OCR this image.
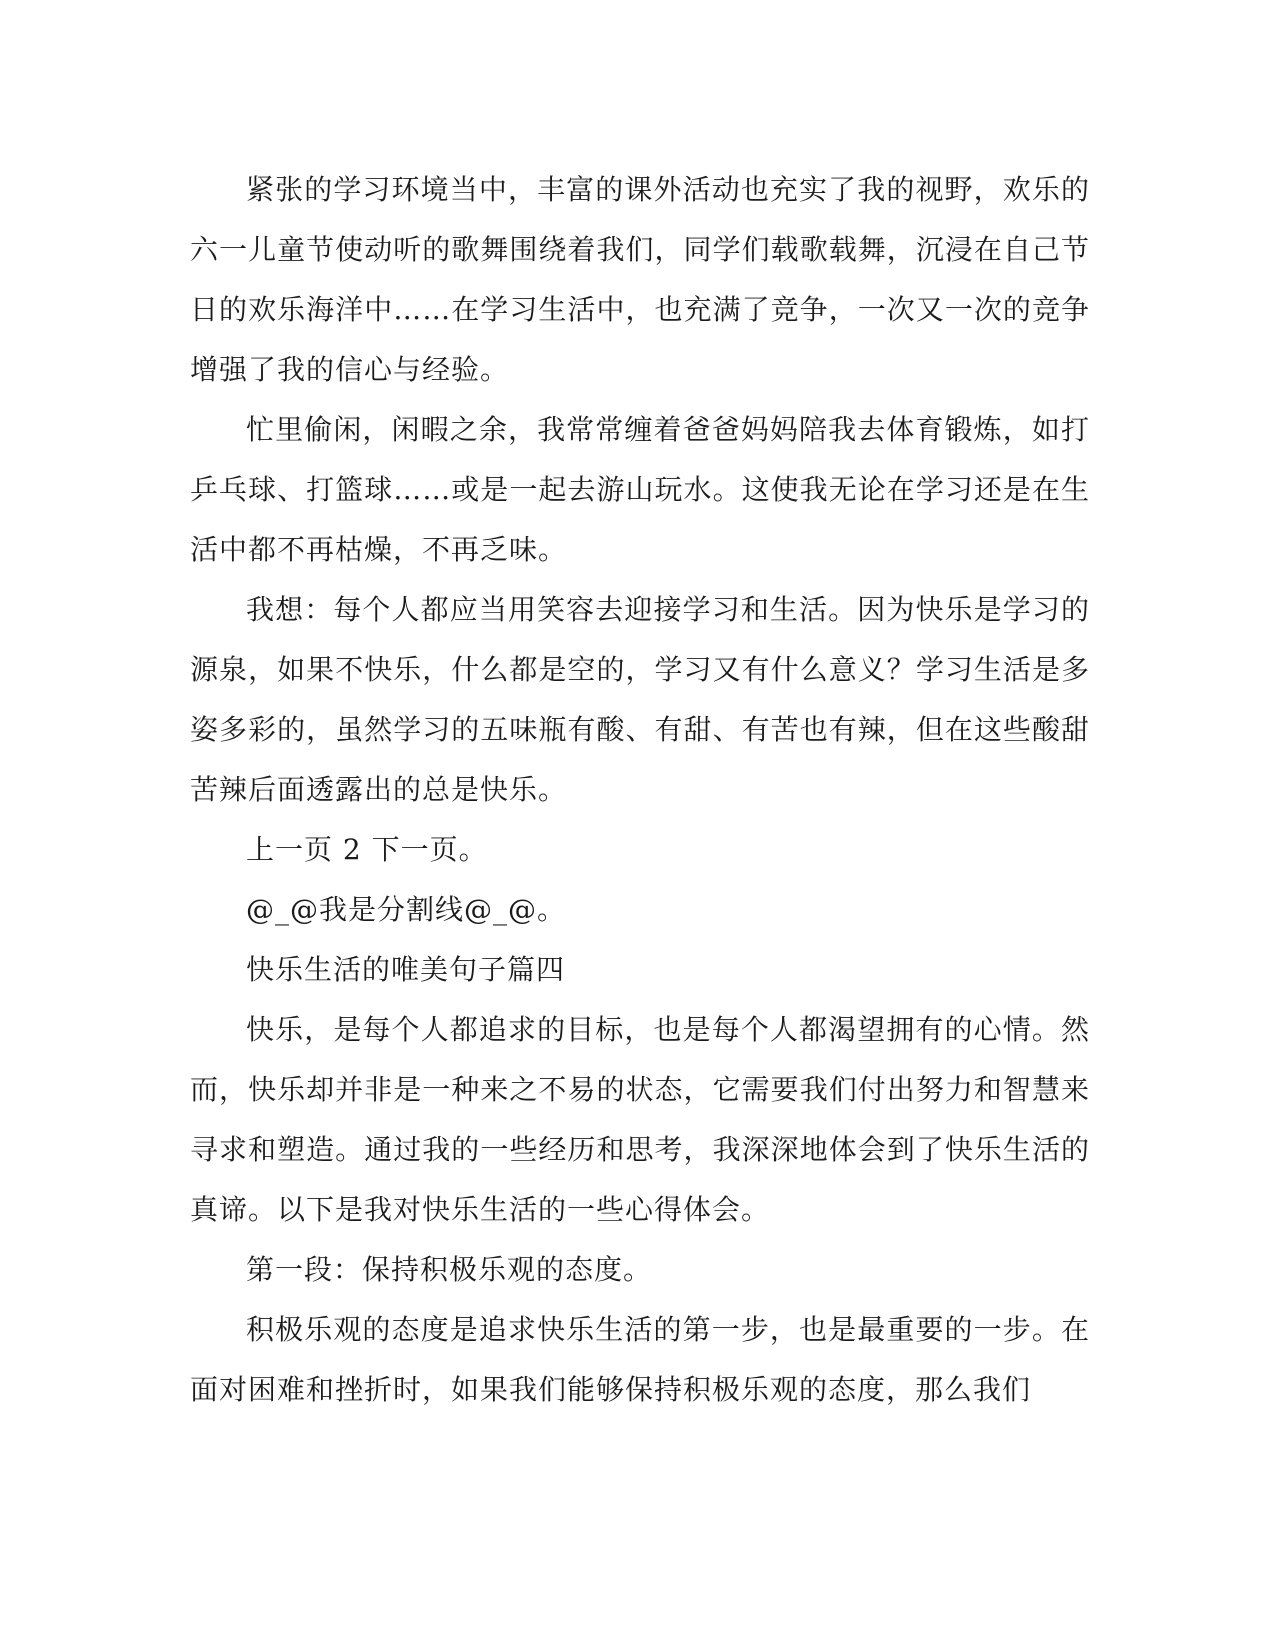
紧张的学习环境当中，丰富的课外活动也充实了我的视野，欢乐的六一儿童节使动听的歌舞围绕着我们，同学们载歌载舞，沉浸在自己节日的欢乐海洋中……在学习生活中，也充满了竞争，一次又一次的竞争增强了我的信心与经验。

忙里偷闲，闲暇之余，我常常缠着爸爸妈妈陪我去体育锻炼，如打乒乓球、打篮球……或是一起去游山玩水。这使我无论在学习还是在生活中都不再枯燥，不再乏味。

我想：每个人都应当用笑容去迎接学习和生活。因为快乐是学习的源泉，如果不快乐，什么都是空的，学习又有什么意义？学习生活是多姿多彩的，虽然学习的五味瓶有酸、有甜、有苦也有辣，但在这些酸甜苦辣后面透露出的总是快乐。

上一页 2 下一页。

@_@我是分割线@_@。

快乐生活的唯美句子篇四

快乐，是每个人都追求的目标，也是每个人都渴望拥有的心情。然而，快乐却并非是一种来之不易的状态，它需要我们付出努力和智慧来寻求和塑造。通过我的一些经历和思考，我深深地体会到了快乐生活的真谛。以下是我对快乐生活的一些心得体会。

第一段：保持积极乐观的态度。

积极乐观的态度是追求快乐生活的第一步，也是最重要的一步。在面对困难和挫折时，如果我们能够保持积极乐观的态度，那么我们
